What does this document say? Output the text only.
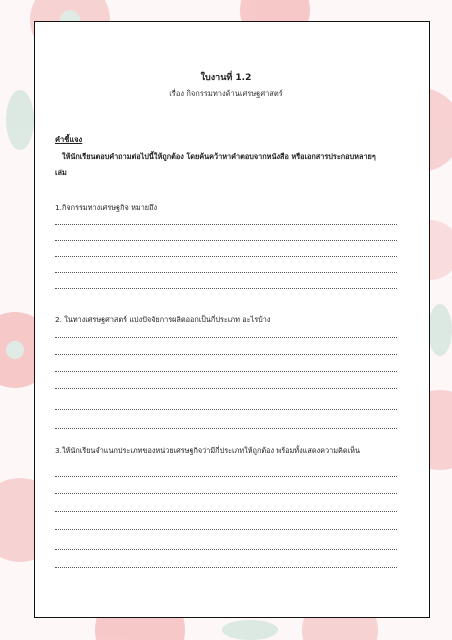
ใบงานที่ 1.2
เรื่อง กิจกรรมทางด้านเศรษฐศาสตร์
คำชี้แจง
ให้นักเรียนตอบคำถามต่อไปนี้ให้ถูกต้อง โดยค้นคว้าหาคำตอบจากหนังสือ หรือเอกสารประกอบหลายๆ
เล่ม
1.กิจกรรมทางเศรษฐกิจ หมายถึง
2. ในทางเศรษฐศาสตร์ แบ่งปัจจัยการผลิตออกเป็นกี่ประเภท อะไรบ้าง
3.ให้นักเรียนจำแนกประเภทของหน่วยเศรษฐกิจว่ามีกี่ประเภทให้ถูกต้อง พร้อมทั้งแสดงความคิดเห็น
